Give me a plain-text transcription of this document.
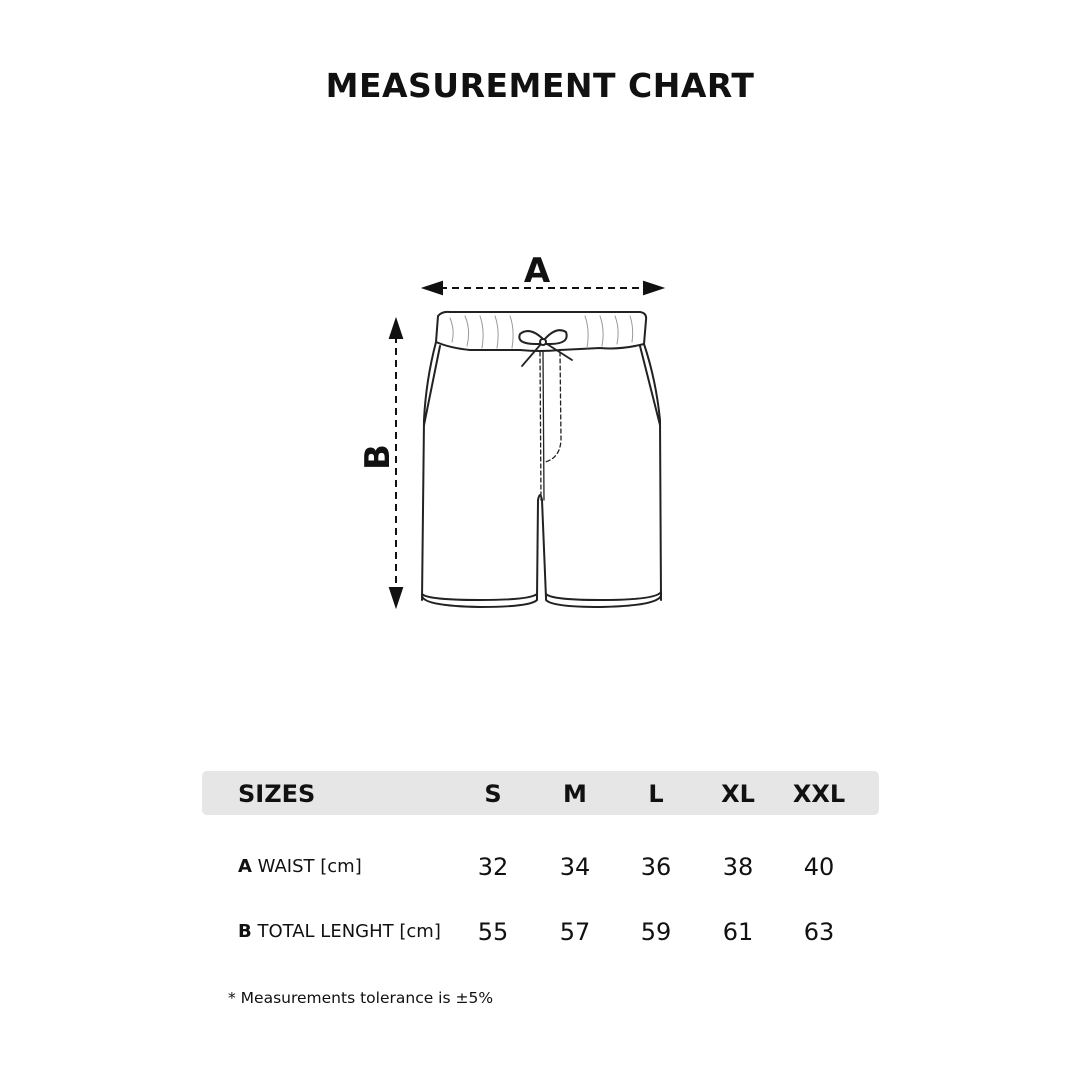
MEASUREMENT CHART
A
B
SIZES	S	M	L	XL	XXL
A WAIST [cm]	32	34	36	38	40
B TOTAL LENGHT [cm]	55	57	59	61	63
* Measurements tolerance is ±5%
